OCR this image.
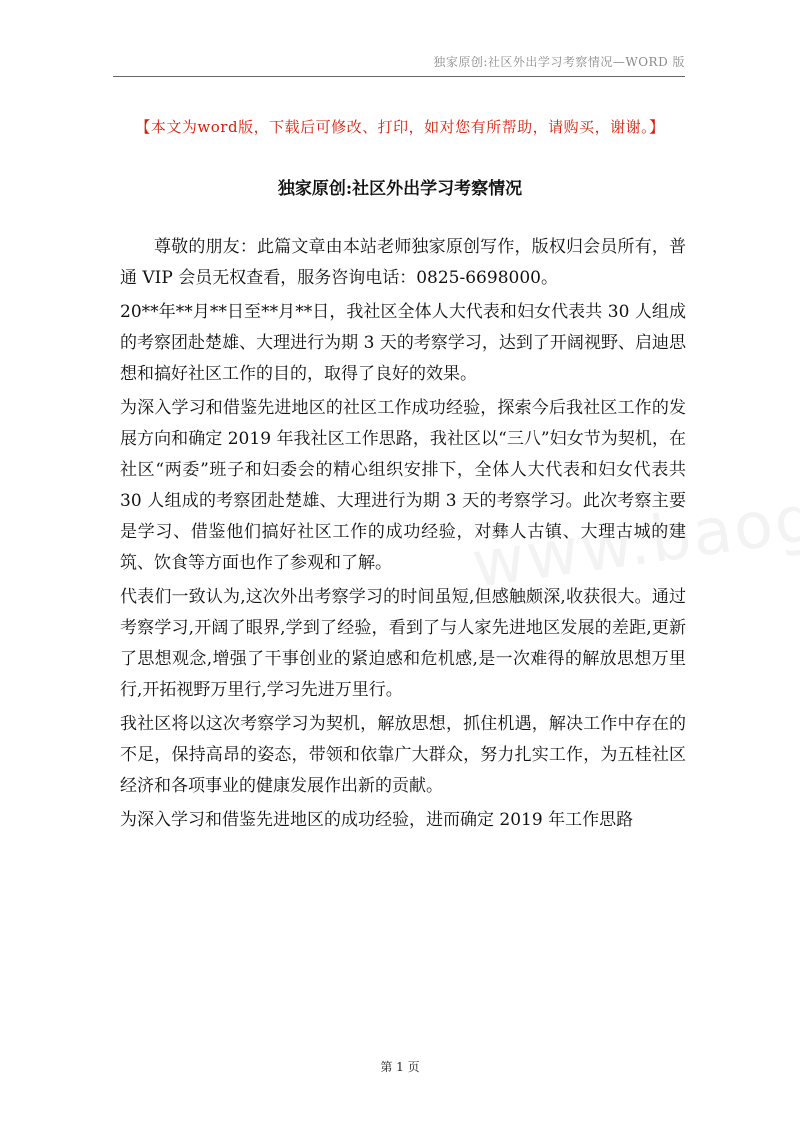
独家原创:社区外出学习考察情况—WORD 版
【本文为word版，下载后可修改、打印，如对您有所帮助，请购买，谢谢。】
独家原创:社区外出学习考察情况

尊敬的朋友：此篇文章由本站老师独家原创写作，版权归会员所有，普通 VIP 会员无权查看，服务咨询电话：0825-6698000。

20**年**月**日至**月**日，我社区全体人大代表和妇女代表共 30 人组成的考察团赴楚雄、大理进行为期 3 天的考察学习，达到了开阔视野、启迪思想和搞好社区工作的目的，取得了良好的效果。

为深入学习和借鉴先进地区的社区工作成功经验，探索今后我社区工作的发展方向和确定 2019 年我社区工作思路，我社区以“三八”妇女节为契机，在社区“两委”班子和妇委会的精心组织安排下，全体人大代表和妇女代表共 30 人组成的考察团赴楚雄、大理进行为期 3 天的考察学习。此次考察主要是学习、借鉴他们搞好社区工作的成功经验，对彝人古镇、大理古城的建筑、饮食等方面也作了参观和了解。

代表们一致认为,这次外出考察学习的时间虽短,但感触颇深,收获很大。通过考察学习,开阔了眼界,学到了经验，看到了与人家先进地区发展的差距,更新了思想观念,增强了干事创业的紧迫感和危机感,是一次难得的解放思想万里行,开拓视野万里行,学习先进万里行。

我社区将以这次考察学习为契机，解放思想，抓住机遇，解决工作中存在的不足，保持高昂的姿态，带领和依靠广大群众，努力扎实工作，为五桂社区经济和各项事业的健康发展作出新的贡献。

为深入学习和借鉴先进地区的成功经验，进而确定 2019 年工作思路

第 1 页
